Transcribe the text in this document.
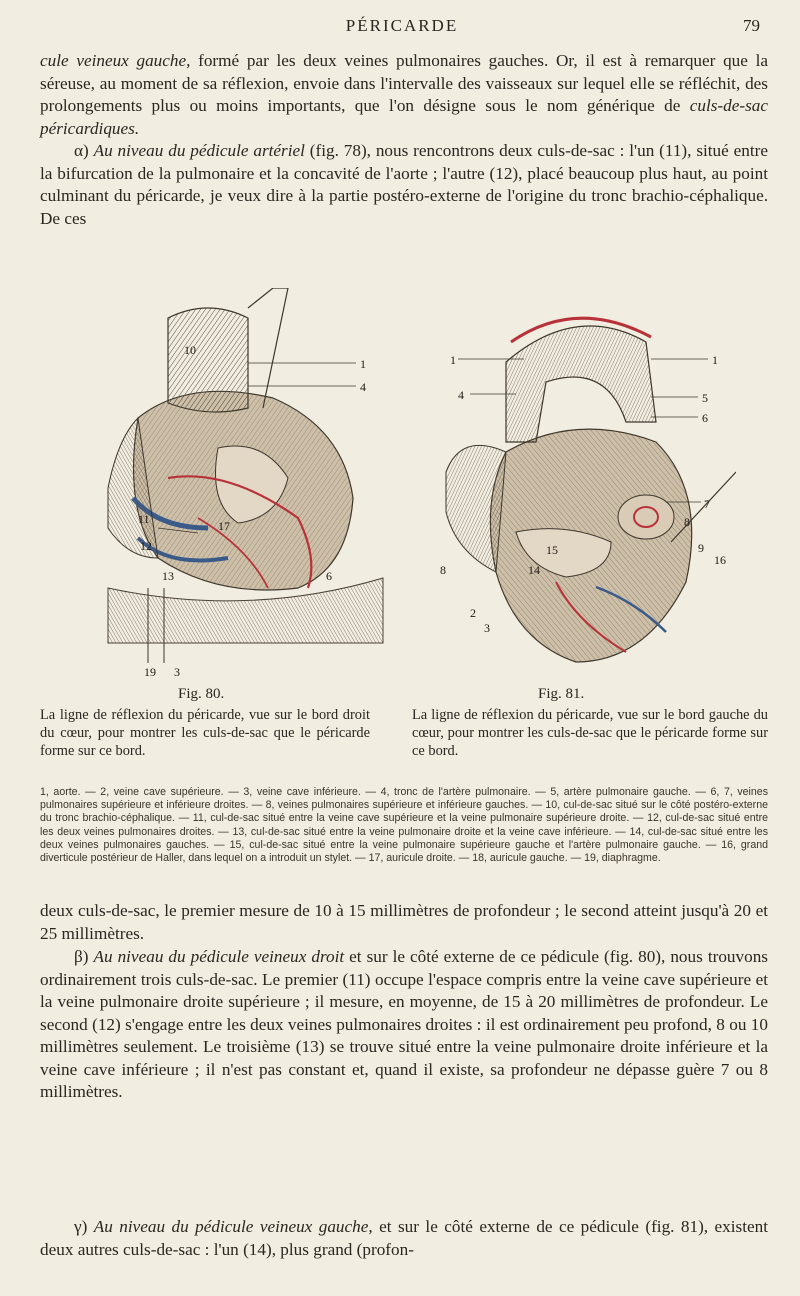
PÉRICARDE	79

cule veineux gauche, formé par les deux veines pulmonaires gauches. Or, il est à remarquer que la séreuse, au moment de sa réflexion, envoie dans l'intervalle des vaisseaux sur lequel elle se réfléchit, des prolongements plus ou moins importants, que l'on désigne sous le nom générique de culs-de-sac péricardiques.

α) Au niveau du pédicule artériel (fig. 78), nous rencontrons deux culs-de-sac : l'un (11), situé entre la bifurcation de la pulmonaire et la concavité de l'aorte ; l'autre (12), placé beaucoup plus haut, au point culminant du péricarde, je veux dire à la partie postéro-externe de l'origine du tronc brachio-céphalique. De ces

10
1
4
11	17
12
13	6
19 3
1	1
5
6
4
7
8
9
16
8
15
14
2
3
Fig. 80.	Fig. 81.

La ligne de réflexion du péricarde, vue sur le bord droit du cœur, pour montrer les culs-de-sac que le péricarde forme sur ce bord.

La ligne de réflexion du péricarde, vue sur le bord gauche du cœur, pour montrer les culs-de-sac que le péricarde forme sur ce bord.

1, aorte. — 2, veine cave supérieure. — 3, veine cave inférieure. — 4, tronc de l'artère pulmonaire. — 5, artère pulmonaire gauche. — 6, 7, veines pulmonaires supérieure et inférieure droites. — 8, veines pulmonaires supérieure et inférieure gauches. — 10, cul-de-sac situé sur le côté postéro-externe du tronc brachio-céphalique. — 11, cul-de-sac situé entre la veine cave supérieure et la veine pulmonaire supérieure droite. — 12, cul-de-sac situé entre les deux veines pulmonaires droites. — 13, cul-de-sac situé entre la veine pulmonaire droite et la veine cave inférieure. — 14, cul-de-sac situé entre les deux veines pulmonaires gauches. — 15, cul-de-sac situé entre la veine pulmonaire supérieure gauche et l'artère pulmonaire gauche. — 16, grand diverticule postérieur de Haller, dans lequel on a introduit un stylet. — 17, auricule droite. — 18, auricule gauche. — 19, diaphragme.

deux culs-de-sac, le premier mesure de 10 à 15 millimètres de profondeur ; le second atteint jusqu'à 20 et 25 millimètres.

β) Au niveau du pédicule veineux droit et sur le côté externe de ce pédicule (fig. 80), nous trouvons ordinairement trois culs-de-sac. Le premier (11) occupe l'espace compris entre la veine cave supérieure et la veine pulmonaire droite supérieure ; il mesure, en moyenne, de 15 à 20 millimètres de profondeur. Le second (12) s'engage entre les deux veines pulmonaires droites : il est ordinairement peu profond, 8 ou 10 millimètres seulement. Le troisième (13) se trouve situé entre la veine pulmonaire droite inférieure et la veine cave inférieure ; il n'est pas constant et, quand il existe, sa profondeur ne dépasse guère 7 ou 8 millimètres.

γ) Au niveau du pédicule veineux gauche, et sur le côté externe de ce pédicule (fig. 81), existent deux autres culs-de-sac : l'un (14), plus grand (profon-
